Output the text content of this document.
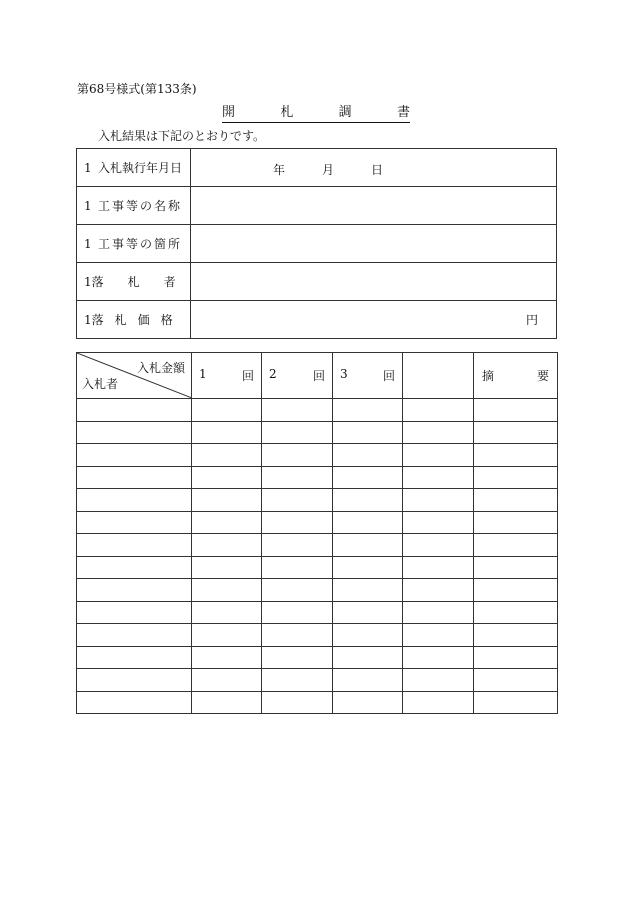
第68号様式(第133条)
開	札	調	書
入札結果は下記のとおりです。
1 入札執行年月日	年 月 日

1 工事等の名称	

1 工事等の箇所	

1 落札者	

1 落札価格	円
入札金額
入札者	1 回	2 回	3 回		摘 要
